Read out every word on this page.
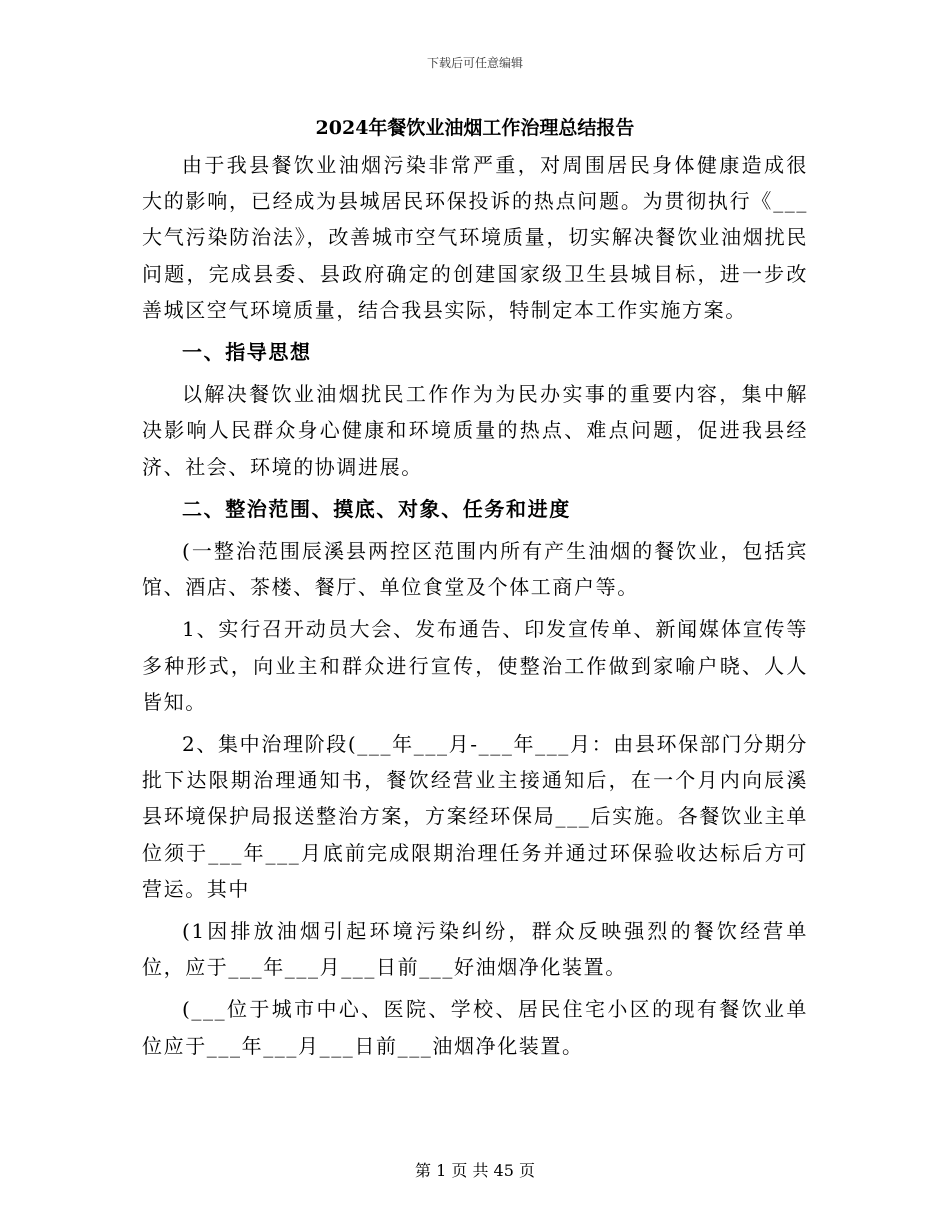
下载后可任意编辑
2024年餐饮业油烟工作治理总结报告

由于我县餐饮业油烟污染非常严重，对周围居民身体健康造成很大的影响，已经成为县城居民环保投诉的热点问题。为贯彻执行《___大气污染防治法》，改善城市空气环境质量，切实解决餐饮业油烟扰民问题，完成县委、县政府确定的创建国家级卫生县城目标，进一步改善城区空气环境质量，结合我县实际，特制定本工作实施方案。

一、指导思想

以解决餐饮业油烟扰民工作作为为民办实事的重要内容，集中解决影响人民群众身心健康和环境质量的热点、难点问题，促进我县经济、社会、环境的协调进展。

二、整治范围、摸底、对象、任务和进度

(一整治范围辰溪县两控区范围内所有产生油烟的餐饮业，包括宾馆、酒店、茶楼、餐厅、单位食堂及个体工商户等。

1、实行召开动员大会、发布通告、印发宣传单、新闻媒体宣传等多种形式，向业主和群众进行宣传，使整治工作做到家喻户晓、人人皆知。

2、集中治理阶段(___年___月-___年___月：由县环保部门分期分批下达限期治理通知书，餐饮经营业主接通知后，在一个月内向辰溪县环境保护局报送整治方案，方案经环保局___后实施。各餐饮业主单位须于___年___月底前完成限期治理任务并通过环保验收达标后方可营运。其中

(1因排放油烟引起环境污染纠纷，群众反映强烈的餐饮经营单位，应于___年___月___日前___好油烟净化装置。

(___位于城市中心、医院、学校、居民住宅小区的现有餐饮业单位应于___年___月___日前___油烟净化装置。

第 1 页 共 45 页
